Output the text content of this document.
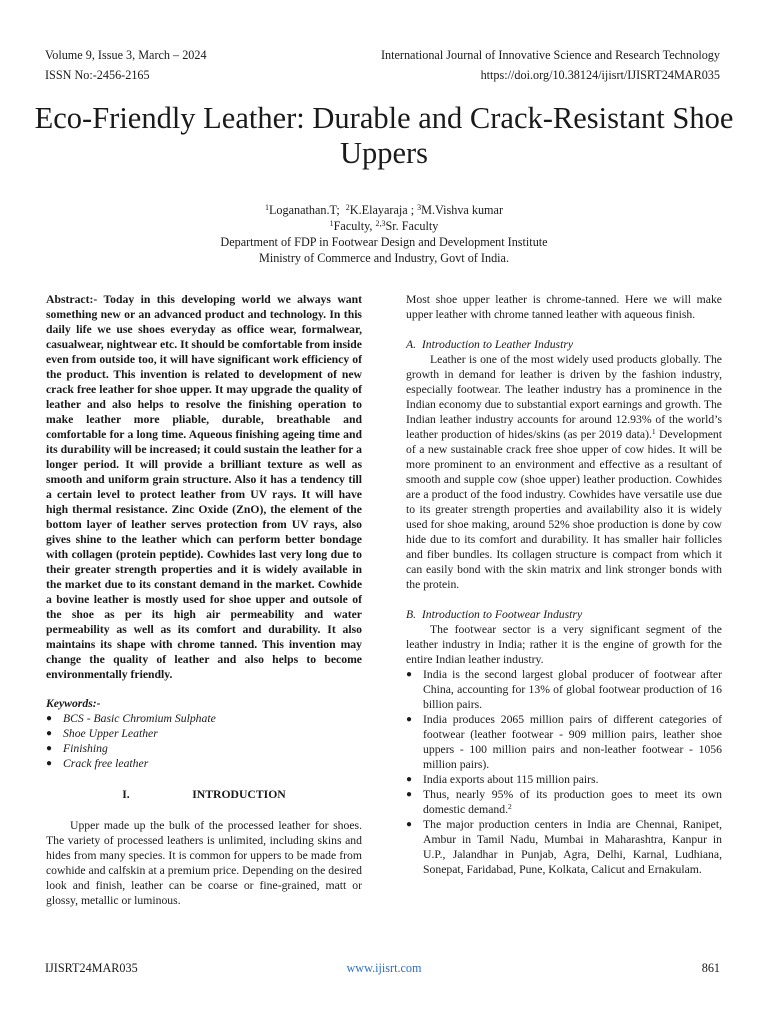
Volume 9, Issue 3, March – 2024
ISSN No:-2456-2165
International Journal of Innovative Science and Research Technology
https://doi.org/10.38124/ijisrt/IJISRT24MAR035
Eco-Friendly Leather: Durable and Crack-Resistant Shoe Uppers
$^1$Loganathan.T; $^2$K.Elayaraja ; $^3$M.Vishva kumar
$^1$Faculty, $^{2,3}$Sr. Faculty
Department of FDP in Footwear Design and Development Institute
Ministry of Commerce and Industry, Govt of India.

Abstract:- Today in this developing world we always want something new or an advanced product and technology. In this daily life we use shoes everyday as office wear, formalwear, casualwear, nightwear etc. It should be comfortable from inside even from outside too, it will have significant work efficiency of the product. This invention is related to development of new crack free leather for shoe upper. It may upgrade the quality of leather and also helps to resolve the finishing operation to make leather more pliable, durable, breathable and comfortable for a long time. Aqueous finishing ageing time and its durability will be increased; it could sustain the leather for a longer period. It will provide a brilliant texture as well as smooth and uniform grain structure. Also it has a tendency till a certain level to protect leather from UV rays. It will have high thermal resistance. Zinc Oxide (ZnO), the element of the bottom layer of leather serves protection from UV rays, also gives shine to the leather which can perform better bondage with collagen (protein peptide). Cowhides last very long due to their greater strength properties and it is widely available in the market due to its constant demand in the market. Cowhide a bovine leather is mostly used for shoe upper and outsole of the shoe as per its high air permeability and water permeability as well as its comfort and durability. It also maintains its shape with chrome tanned. This invention may change the quality of leather and also helps to become environmentally friendly.

Keywords:-

● BCS - Basic Chromium Sulphate
● Shoe Upper Leather
● Finishing
● Crack free leather
I.	INTRODUCTION

Upper made up the bulk of the processed leather for shoes. The variety of processed leathers is unlimited, including skins and hides from many species. It is common for uppers to be made from cowhide and calfskin at a premium price. Depending on the desired look and finish, leather can be coarse or fine-grained, matt or glossy, metallic or luminous.

Most shoe upper leather is chrome-tanned. Here we will make upper leather with chrome tanned leather with aqueous finish.

A. Introduction to Leather Industry

Leather is one of the most widely used products globally. The growth in demand for leather is driven by the fashion industry, especially footwear. The leather industry has a prominence in the Indian economy due to substantial export earnings and growth. The Indian leather industry accounts for around 12.93% of the world’s leather production of hides/skins (as per 2019 data).$^1$ Development of a new sustainable crack free shoe upper of cow hides. It will be more prominent to an environment and effective as a resultant of smooth and supple cow (shoe upper) leather production. Cowhides are a product of the food industry. Cowhides have versatile use due to its greater strength properties and availability also it is widely used for shoe making, around 52% shoe production is done by cow hide due to its comfort and durability. It has smaller hair follicles and fiber bundles. Its collagen structure is compact from which it can easily bond with the skin matrix and link stronger bonds with the protein.

B. Introduction to Footwear Industry

The footwear sector is a very significant segment of the leather industry in India; rather it is the engine of growth for the entire Indian leather industry.

● India is the second largest global producer of footwear after China, accounting for 13% of global footwear production of 16 billion pairs.
● India produces 2065 million pairs of different categories of footwear (leather footwear - 909 million pairs, leather shoe uppers - 100 million pairs and non-leather footwear - 1056 million pairs).
● India exports about 115 million pairs.
● Thus, nearly 95% of its production goes to meet its own domestic demand.$^2$
● The major production centers in India are Chennai, Ranipet, Ambur in Tamil Nadu, Mumbai in Maharashtra, Kanpur in U.P., Jalandhar in Punjab, Agra, Delhi, Karnal, Ludhiana, Sonepat, Faridabad, Pune, Kolkata, Calicut and Ernakulam.
IJISRT24MAR035	www.ijisrt.com	861
